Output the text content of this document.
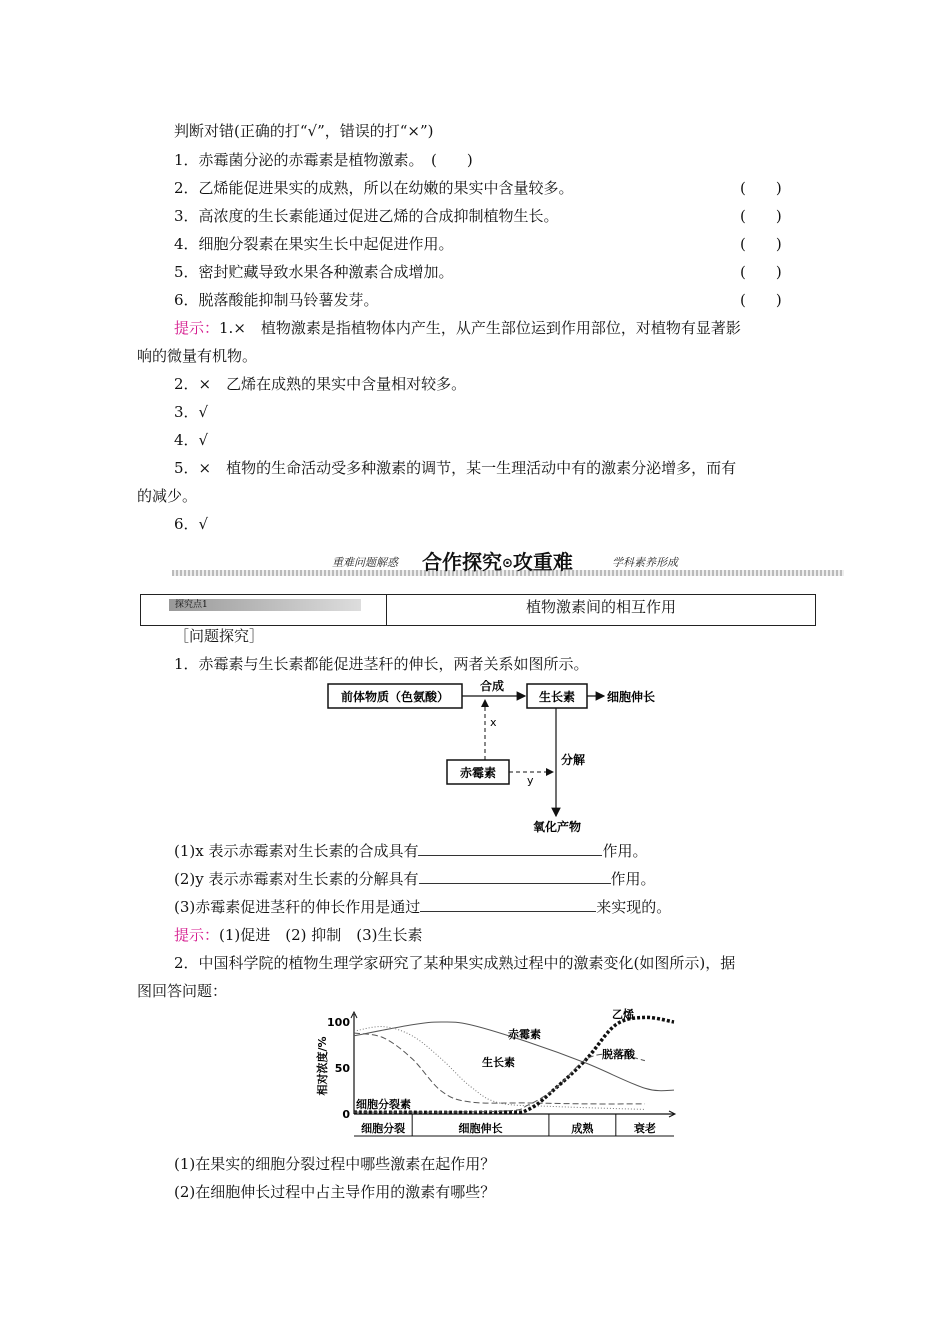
判断对错(正确的打“√”，错误的打“×”)
1．赤霉菌分泌的赤霉素是植物激素。　(　　)
2．乙烯能促进果实的成熟，所以在幼嫩的果实中含量较多。	(　　)
3．高浓度的生长素能通过促进乙烯的合成抑制植物生长。	(　　)
4．细胞分裂素在果实生长中起促进作用。	(　　)
5．密封贮藏导致水果各种激素合成增加。	(　　)
6．脱落酸能抑制马铃薯发芽。	(　　)
提示：1.×　植物激素是指植物体内产生，从产生部位运到作用部位，对植物有显著影
响的微量有机物。
2．×　乙烯在成熟的果实中含量相对较多。
3．√
4．√
5．×　植物的生命活动受多种激素的调节，某一生理活动中有的激素分泌增多，而有
的减少。
6．√
重难问题解惑 合作探究⊙攻重难	学科素养形成
探究点1	植物激素间的相互作用
［问题探究］
1．赤霉素与生长素都能促进茎秆的伸长，两者关系如图所示。
前体物质（色氨酸）
合成
生长素	细胞伸长
x
赤霉素
y
分解
氧化产物
(1)x 表示赤霉素对生长素的合成具有	作用。
(2)y 表示赤霉素对生长素的分解具有	作用。
(3)赤霉素促进茎秆的伸长作用是通过	来实现的。
提示：(1)促进　(2) 抑制　(3)生长素
2．中国科学院的植物生理学家研究了某种果实成熟过程中的激素变化(如图所示)，据
图回答问题：
相对浓度/%
100
50
0
细胞分裂	细胞伸长	成熟	衰老
赤霉素
生长素
细胞分裂素
乙烯
脱落酸
(1)在果实的细胞分裂过程中哪些激素在起作用？
(2)在细胞伸长过程中占主导作用的激素有哪些？
